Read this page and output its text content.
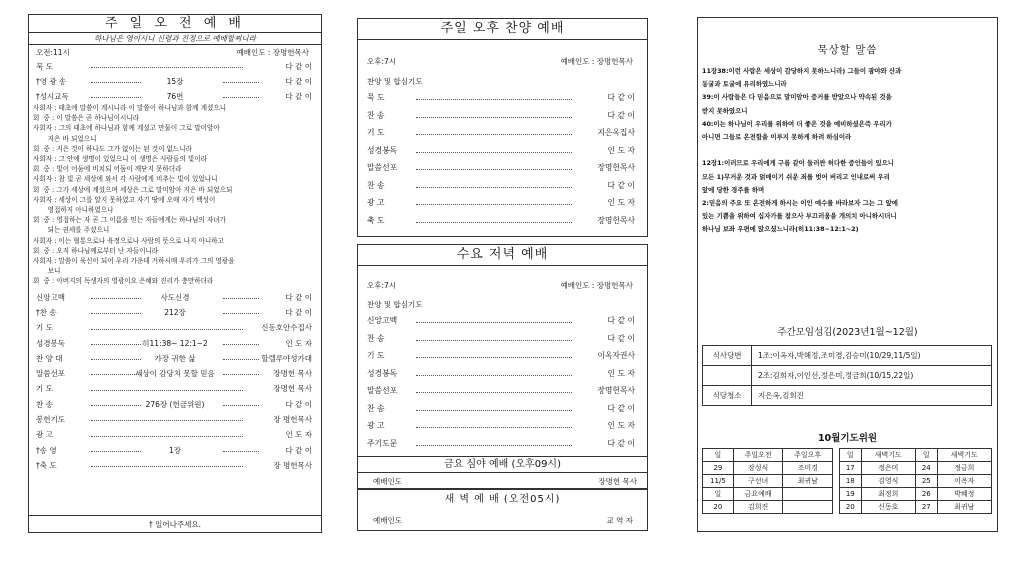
주 일 오 전 예 배
하나님은 영이시니 신령과 진정으로 예배할찌니라
오전:11시	예배인도 : 장명헌목사
묵 도	다 같 이
†영 광 송	15장	다 같 이
†성시교독	76번	다 같 이
사회자 : 태초에 말씀이 계시니라 이 말씀이 하나님과 함께 계셨으니
회  중 : 이 말씀은 곧 하나님이시니라
사회자 : 그의 태초에 하나님과 함께 계셨고 만물이 그로 말미암아
지은 바 되었으니
회  중 : 지은 것이 하나도 그가 없이는 된 것이 없느니라
사회자 : 그 안에 생명이 있었으니 이 생명은 사람들의 빛이라
회  중 : 빛이 어둠에 비치되 어둠이 깨닫지 못하더라
사회자 : 참 빛 곧 세상에 와서 각 사람에게 비추는 빛이 있었나니
회  중 : 그가 세상에 계셨으며 세상은 그로 말미암아 지은 바 되었으되
사회자 : 세상이 그를 알지 못하였고 자기 땅에 오매 자기 백성이
영접하지 아니하였으나
회  중 : 영접하는 자 곧 그 이름을 믿는 자들에게는 하나님의 자녀가
되는 권세를 주셨으니
사회자 : 이는 혈통으로나 육정으로나 사람의 뜻으로 나지 아니하고
회  중 : 오직 하나님께로부터 난 자들이니라
사회자 : 말씀이 육신이 되어 우리 가운데 거하시매 우리가 그의 영광을
보니
회  중 : 아버지의 독생자의 영광이요 은혜와 진리가 충만하더라
신앙고백	사도신경	다 같 이
†찬 송	212장	다 같 이
기 도	신동호안수집사
성경봉독	히11:38~ 12:1~2	인 도 자
찬 양 대	가장 귀한 삶	할렐루야성가대
말씀선포	세상이 감당치 못할 믿음	장명헌 목사
기 도	장명헌 목사
찬 송	276장 (헌금위원)	다 같 이
봉헌기도	장 명헌목사
광 고	인 도 자
†송 영	1장	다 같 이
†축 도	장 명헌목사
† 일어나주세요.
주일 오후 찬양 예배
오후:7시	예배인도 : 장명헌목사
찬양 및 합심기도
묵 도	다 같 이
찬 송	다 같 이
기 도	지은옥집사
성경봉독	인 도 자
말씀선포	장명헌목사
찬 송	다 같 이
광 고	인 도 자
축 도	장명헌목사
수요 저녁 예배
오후:7시	예배인도 : 장명헌목사
찬양 및 합심기도
신앙고백	다 같 이
찬 송	다 같 이
기 도	이옥자권사
성경봉독	인 도 자
말씀선포	장명헌목사
찬 송	다 같 이
광 고	인 도 자
주기도문	다 같 이
금요 심야 예배 (오후09시)
예배인도	장명헌 목사
새 벽 예 배 (오전05시)
예배인도	교 역 자
묵상할 말씀
11장38:이런 사람은 세상이 감당하지 못하느니라) 그들이 광야와 산과
동굴과 토굴에 유리하였느니라
39:이 사람들은 다 믿음으로 말미암아 증거를 받았으나 약속된 것을
받지 못하였으니
40:이는 하나님이 우리를 위하여 더 좋은 것을 예비하셨은즉 우리가
아니면 그들로 온전함을 이루지 못하게 하려 하심이라
12장1:이러므로 우리에게 구름 같이 둘러싼 허다한 증인들이 있으니
모든 1)무거운 것과 얽매이기 쉬운 죄를 벗어 버리고 인내로써 우리
앞에 당한 경주를 하며
2:믿음의 주요 또 온전하게 하시는 이인 예수를 바라보자 그는 그 앞에
있는 기쁨을 위하여 십자가를 참으사 부끄러움을 개의치 아니하시더니
하나님 보좌 우편에 앉으셨느니라(히11:38~12:1~2)
주간모임섬김(2023년1월~12월)
식사당번	1조:이옥자,박혜정,조미경,김승미(10/29,11/5일)
	2조:김희자,이인선,정은미,정금희(10/15,22일)
식당청소	지은옥,김희진
10월기도위원
일	주일오전	주일오후
29	장성식	조미경
11/5	구선녀	최귀남
일	금요예배	
20	김희진	
일	새벽기도	일	새벽기도
17	정은미	24	정금희
18	김영식	25	이옥자
19	최정희	26	박혜정
20	신동호	27	최귀남
